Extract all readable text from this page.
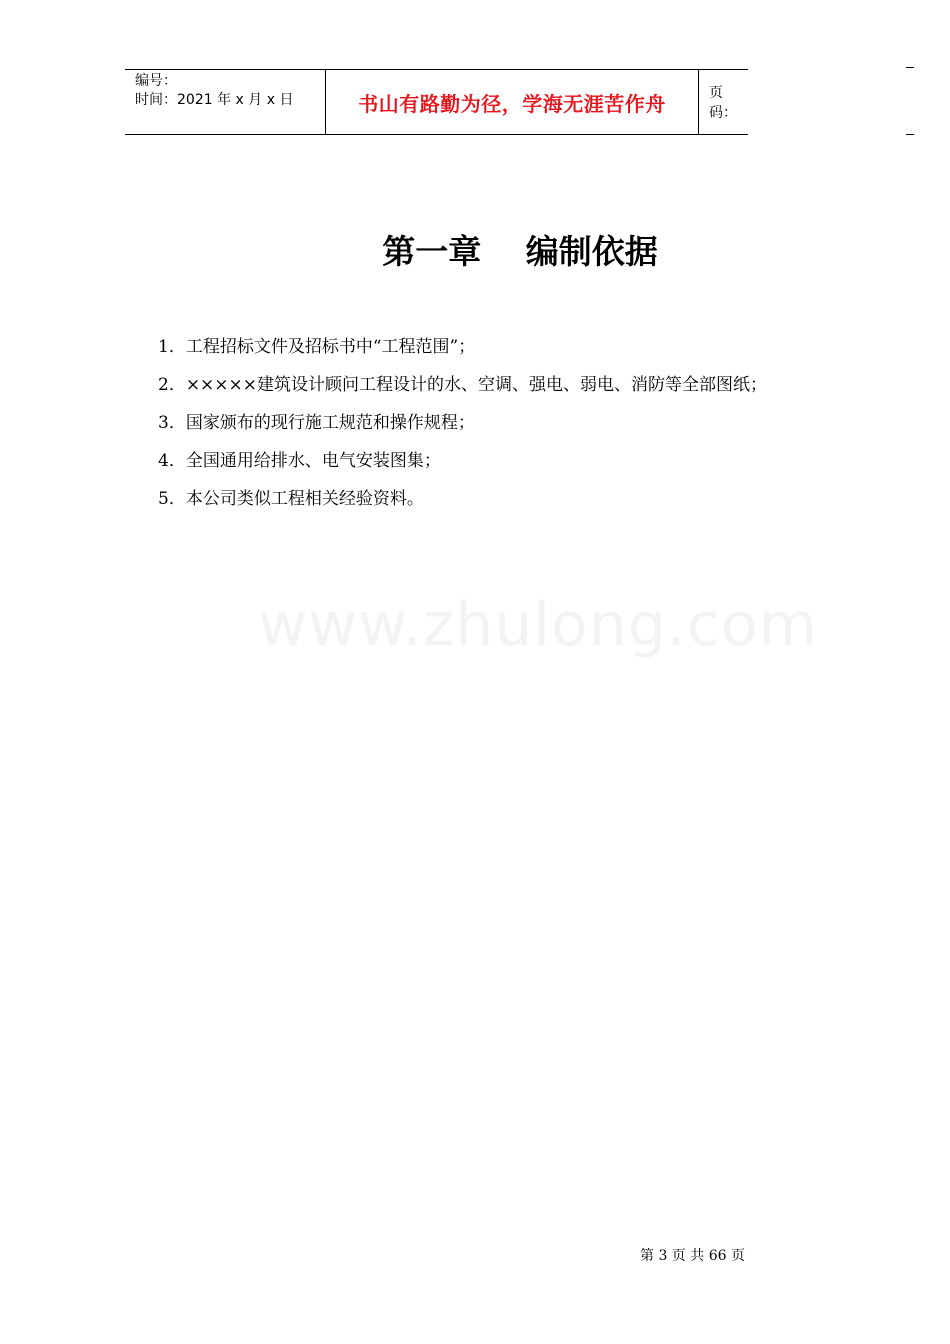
编号：
时间：2021 年 x 月 x 日	书山有路勤为径，学海无涯苦作舟	页码：
第一章　 编制依据
1．工程招标文件及招标书中“工程范围”；
2．×××××建筑设计顾问工程设计的水、空调、强电、弱电、消防等全部图纸；
3．国家颁布的现行施工规范和操作规程；
4．全国通用给排水、电气安装图集；
5．本公司类似工程相关经验资料。
www.zhulong.com
第 3 页 共 66 页
